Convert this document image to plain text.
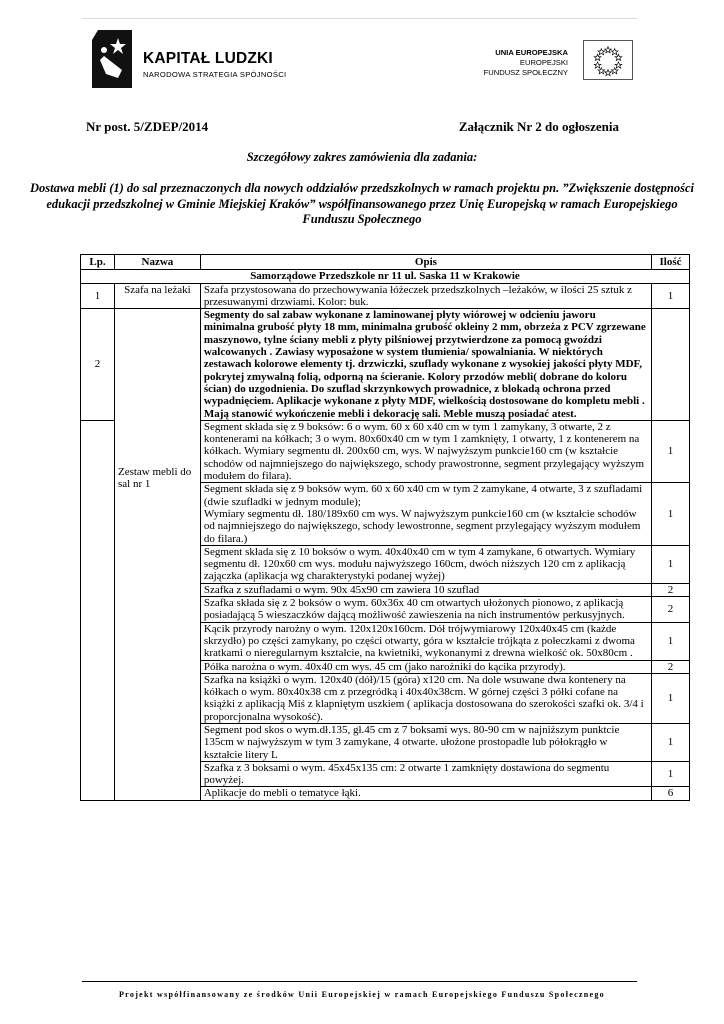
KAPITAŁ LUDZKI
NARODOWA STRATEGIA SPÓJNOŚCI
UNIA EUROPEJSKA
EUROPEJSKI
FUNDUSZ SPOŁECZNY
Nr post. 5/ZDEP/2014	Załącznik Nr 2 do ogłoszenia
Szczegółowy zakres zamówienia dla zadania:
Dostawa mebli (1) do sal przeznaczonych dla nowych oddziałów przedszkolnych w ramach projektu pn. ”Zwiększenie dostępności edukacji przedszkolnej w Gminie Miejskiej Kraków” współfinansowanego przez Unię Europejską w ramach Europejskiego Funduszu Społecznego
Lp.	Nazwa	Opis	Ilość
Samorządowe Przedszkole nr 11 ul. Saska 11 w Krakowie			
1	Szafa na leżaki	Szafa przystosowana do przechowywania łóżeczek przedszkolnych –leżaków, w ilości 25 sztuk z przesuwanymi drzwiami. Kolor: buk.	1
2	Zestaw mebli do sal nr 1	Segmenty do sal zabaw wykonane z laminowanej płyty wiórowej w odcieniu jaworu minimalna grubość płyty 18 mm, minimalna grubość okleiny 2 mm, obrzeża z PCV zgrzewane maszynowo, tylne ściany mebli z płyty pilśniowej przytwierdzone za pomocą gwoździ walcowanych . Zawiasy wyposażone w system tłumienia/ spowalniania. W niektórych zestawach kolorowe elementy tj. drzwiczki, szuflady wykonane z wysokiej jakości płyty MDF, pokrytej zmywalną folią, odporną na ścieranie. Kolory przodów mebli( dobrane do koloru ścian) do uzgodnienia. Do szuflad skrzynkowych prowadnice, z blokadą ochrona przed wypadnięciem. Aplikacje wykonane z płyty MDF, wielkością dostosowane do kompletu mebli . Mają stanowić wykończenie mebli i dekorację sali. Meble muszą posiadać atest.	
		Segment składa się z 9 boksów: 6 o wym. 60 x 60 x40 cm w tym 1 zamykany, 3 otwarte, 2 z kontenerami na kółkach; 3 o wym. 80x60x40 cm w tym 1 zamknięty, 1 otwarty, 1 z kontenerem na kółkach. Wymiary segmentu dł. 200x60 cm, wys. W najwyższym punkcie160 cm (w kształcie schodów od najmniejszego do największego, schody prawostronne, segment przylegający wyższym modułem do filara).	1
		Segment składa się z 9 boksów wym. 60 x 60 x40 cm w tym 2 zamykane, 4 otwarte, 3 z szufladami (dwie szufladki w jednym module);
Wymiary segmentu dł. 180/189x60 cm wys. W najwyższym punkcie160 cm (w kształcie schodów od najmniejszego do największego, schody lewostronne, segment przylegający wyższym modułem do filara.)	1
		Segment składa się z 10 boksów o wym. 40x40x40 cm w tym 4 zamykane, 6 otwartych. Wymiary segmentu dł. 120x60 cm wys. modułu najwyższego 160cm, dwóch niższych 120 cm z aplikacją zajączka (aplikacja wg charakterystyki podanej wyżej)	1
		Szafka z szufladami o wym. 90x 45x90 cm zawiera 10 szuflad	2
		Szafka składa się z 2 boksów o wym. 60x36x 40 cm otwartych ułożonych pionowo, z aplikacją posiadającą 5 wieszaczków dającą możliwość zawieszenia na nich instrumentów perkusyjnych.	2
		Kącik przyrody narożny o wym. 120x120x160cm. Dół trójwymiarowy 120x40x45 cm (każde skrzydło) po części zamykany, po części otwarty, góra w kształcie trójkąta z połeczkami z dwoma kratkami o nieregularnym kształcie, na kwietniki, wykonanymi z drewna wielkość ok. 50x80cm .	1
		Półka narożna o wym. 40x40 cm wys. 45 cm (jako narożniki do kącika przyrody).	2
		Szafka na książki o wym. 120x40 (dół)/15 (góra) x120 cm. Na dole wsuwane dwa kontenery na kółkach o wym. 80x40x38 cm z przegródką i 40x40x38cm. W górnej części 3 półki cofane na książki z aplikacją Miś z klapniętym uszkiem ( aplikacja dostosowana do szerokości szafki ok. 3/4 i proporcjonalna wysokość).	1
		Segment pod skos o wym.dł.135, gł.45 cm z 7 boksami wys. 80-90 cm w najniższym punktcie 135cm w najwyższym w tym 3 zamykane, 4 otwarte. ułożone prostopadle lub półokrągło w kształcie litery L	1
		Szafka z 3 boksami o wym. 45x45x135 cm: 2 otwarte 1 zamknięty dostawiona do segmentu powyżej.	1
		Aplikacje do mebli o tematyce łąki.	6
Projekt współfinansowany ze środków Unii Europejskiej w ramach Europejskiego Funduszu Społecznego
